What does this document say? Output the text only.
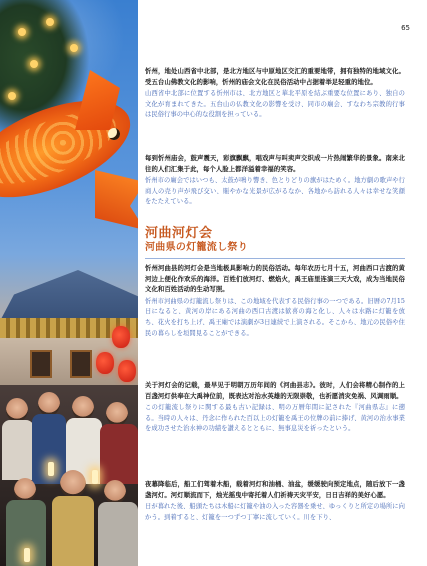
65

忻州，地处山西省中北部，是北方地区与中原地区交汇的重要地带，拥有独特的地域文化。受五台山佛教文化的影响，忻州的庙会文化在民俗活动中占据着举足轻重的地位。

山西省中北部に位置する忻州市は、北方地区と華北平原を結ぶ重要な位置にあり、独自の文化が育まれてきた。五台山の仏教文化の影響を受け、同市の廟会、すなわち宗教的行事は民俗行事の中心的な役割を担っている。

每到忻州庙会，鼓声震天，彩旗飘飘，唱戏声与叫卖声交织成一片热闹繁华的景象。南来北往的人们汇集于此，每个人脸上都洋溢着幸福的笑容。

忻州市の廟会ではいつも、太鼓が鳴り響き、色とりどりの旗がはためく。地方劇の歌声や行商人の売り声が飛び交い、賑やかな光景が広がるなか、各地から訪れる人々は幸せな笑顔をたたえている。

河曲河灯会

河曲県の灯籠流し祭り

忻州河曲县的河灯会是当地极具影响力的民俗活动。每年农历七月十五，河曲西口古渡的黄河边上便化作欢乐的海洋。百姓们放河灯、燃焰火，禹王庙里连演三天大戏，成为当地民俗文化和百姓活动的生动写照。

忻州市河曲県の灯籠流し祭りは、この地域を代表する民俗行事の一つである。旧暦の7月15日になると、黄河の岸にある河曲の西口古渡は歓喜の海と化し、人々は水路に灯籠を放ち、花火を打ち上げ、禹王廟では演劇が3日連続で上演される。そこから、地元の民俗や住民の暮らしを垣間見ることができる。

关于河灯会的记载，最早见于明朝万历年间的《河曲县志》。彼时，人们会将精心制作的上百盏河灯供奉在大禹神位前，既表达对治水英雄的无限崇敬，也祈愿消灾免祸、风调雨顺。

この灯籠流し祭りに関する最も古い記録は、明の万暦年間に記された『河曲県志』に遡る。当時の人々は、丹念に作られた百以上の灯籠を禹王の位牌の前に捧げ、黄河の治水事業を成功させた治水神の功績を讃えるとともに、無事息災を祈ったという。

夜幕降临后，船工们驾着木船，载着河灯和油桶、油盆，缓缓驶向预定地点，随后放下一盏盏河灯。河灯顺流而下，烛光摇曳中寄托着人们祈祷天灾平安，日日吉祥的美好心愿。

日が暮れた後、船頭たちは木船に灯籠や油の入った容器を乗せ、ゆっくりと所定の場所に向かう。到着すると、灯籠を一つずつ丁寧に流していく。川を下り、
